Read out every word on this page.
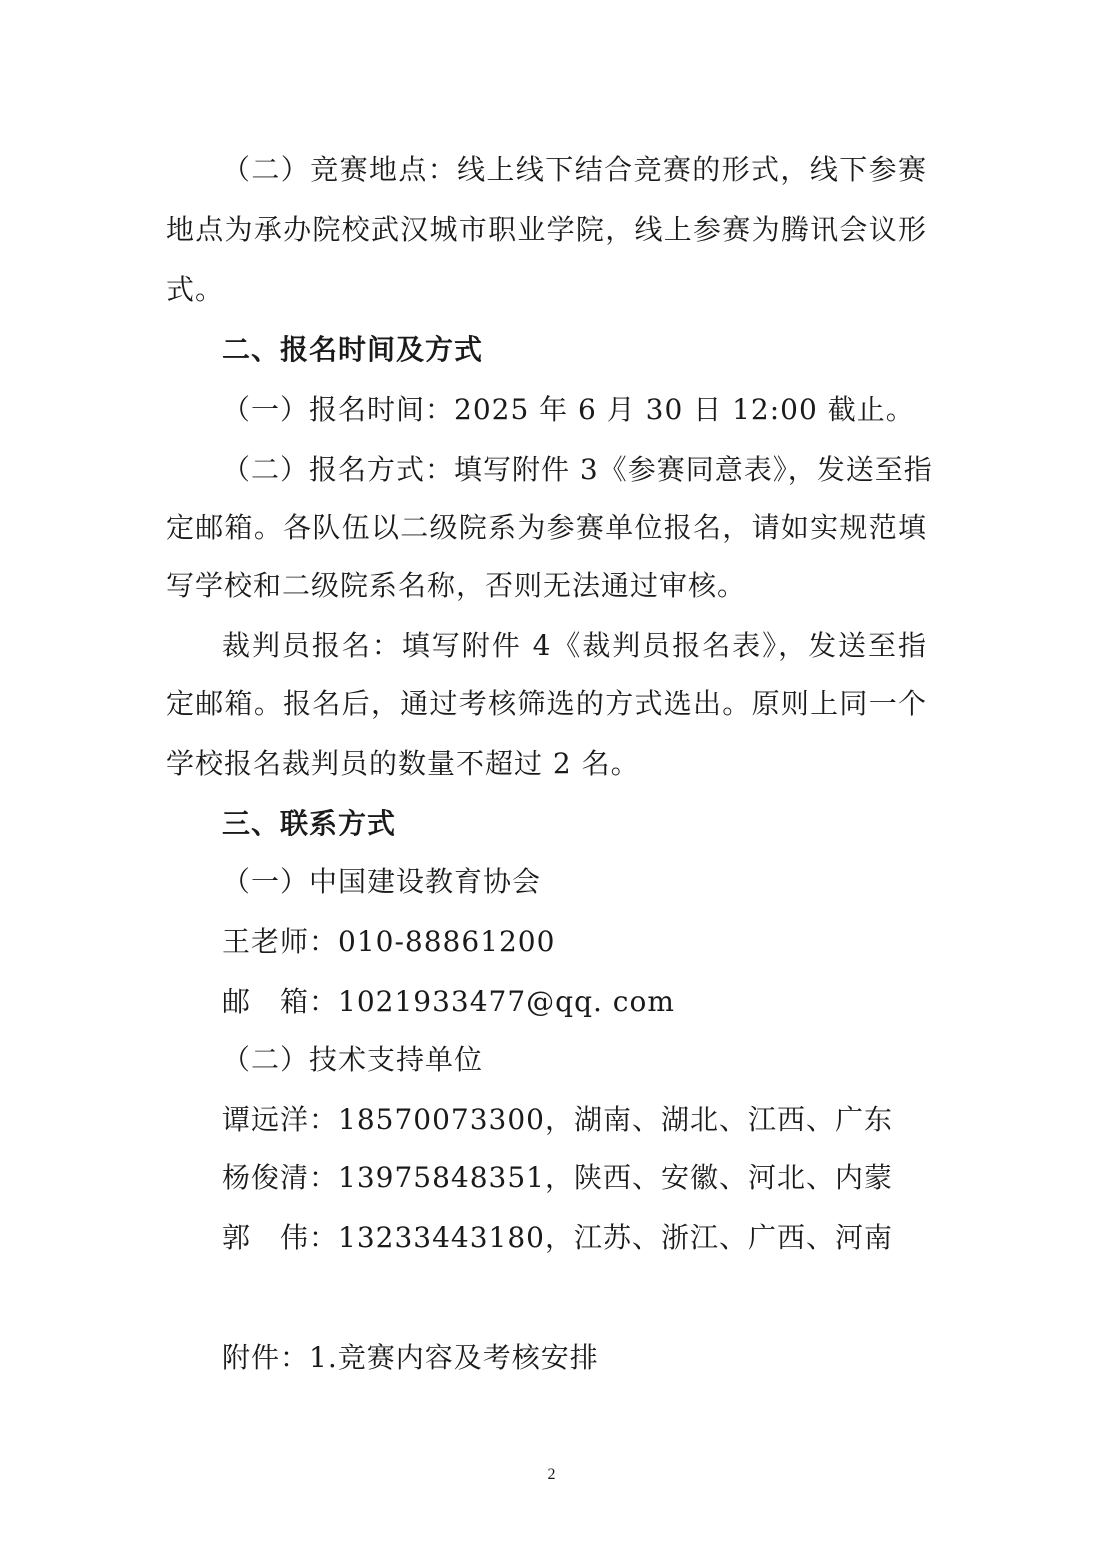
（二）竞赛地点：线上线下结合竞赛的形式，线下参赛
地点为承办院校武汉城市职业学院，线上参赛为腾讯会议形
式。
二、报名时间及方式
（一）报名时间：2025 年 6 月 30 日 12:00 截止。
（二）报名方式：填写附件 3《参赛同意表》，发送至指
定邮箱。各队伍以二级院系为参赛单位报名，请如实规范填
写学校和二级院系名称，否则无法通过审核。
裁判员报名：填写附件 4《裁判员报名表》，发送至指
定邮箱。报名后，通过考核筛选的方式选出。原则上同一个
学校报名裁判员的数量不超过 2 名。
三、联系方式
（一）中国建设教育协会
王老师：010-88861200
邮　箱：1021933477@qq. com
（二）技术支持单位
谭远洋：18570073300，湖南、湖北、江西、广东
杨俊清：13975848351，陕西、安徽、河北、内蒙
郭　伟：13233443180，江苏、浙江、广西、河南
附件：1.竞赛内容及考核安排
2
